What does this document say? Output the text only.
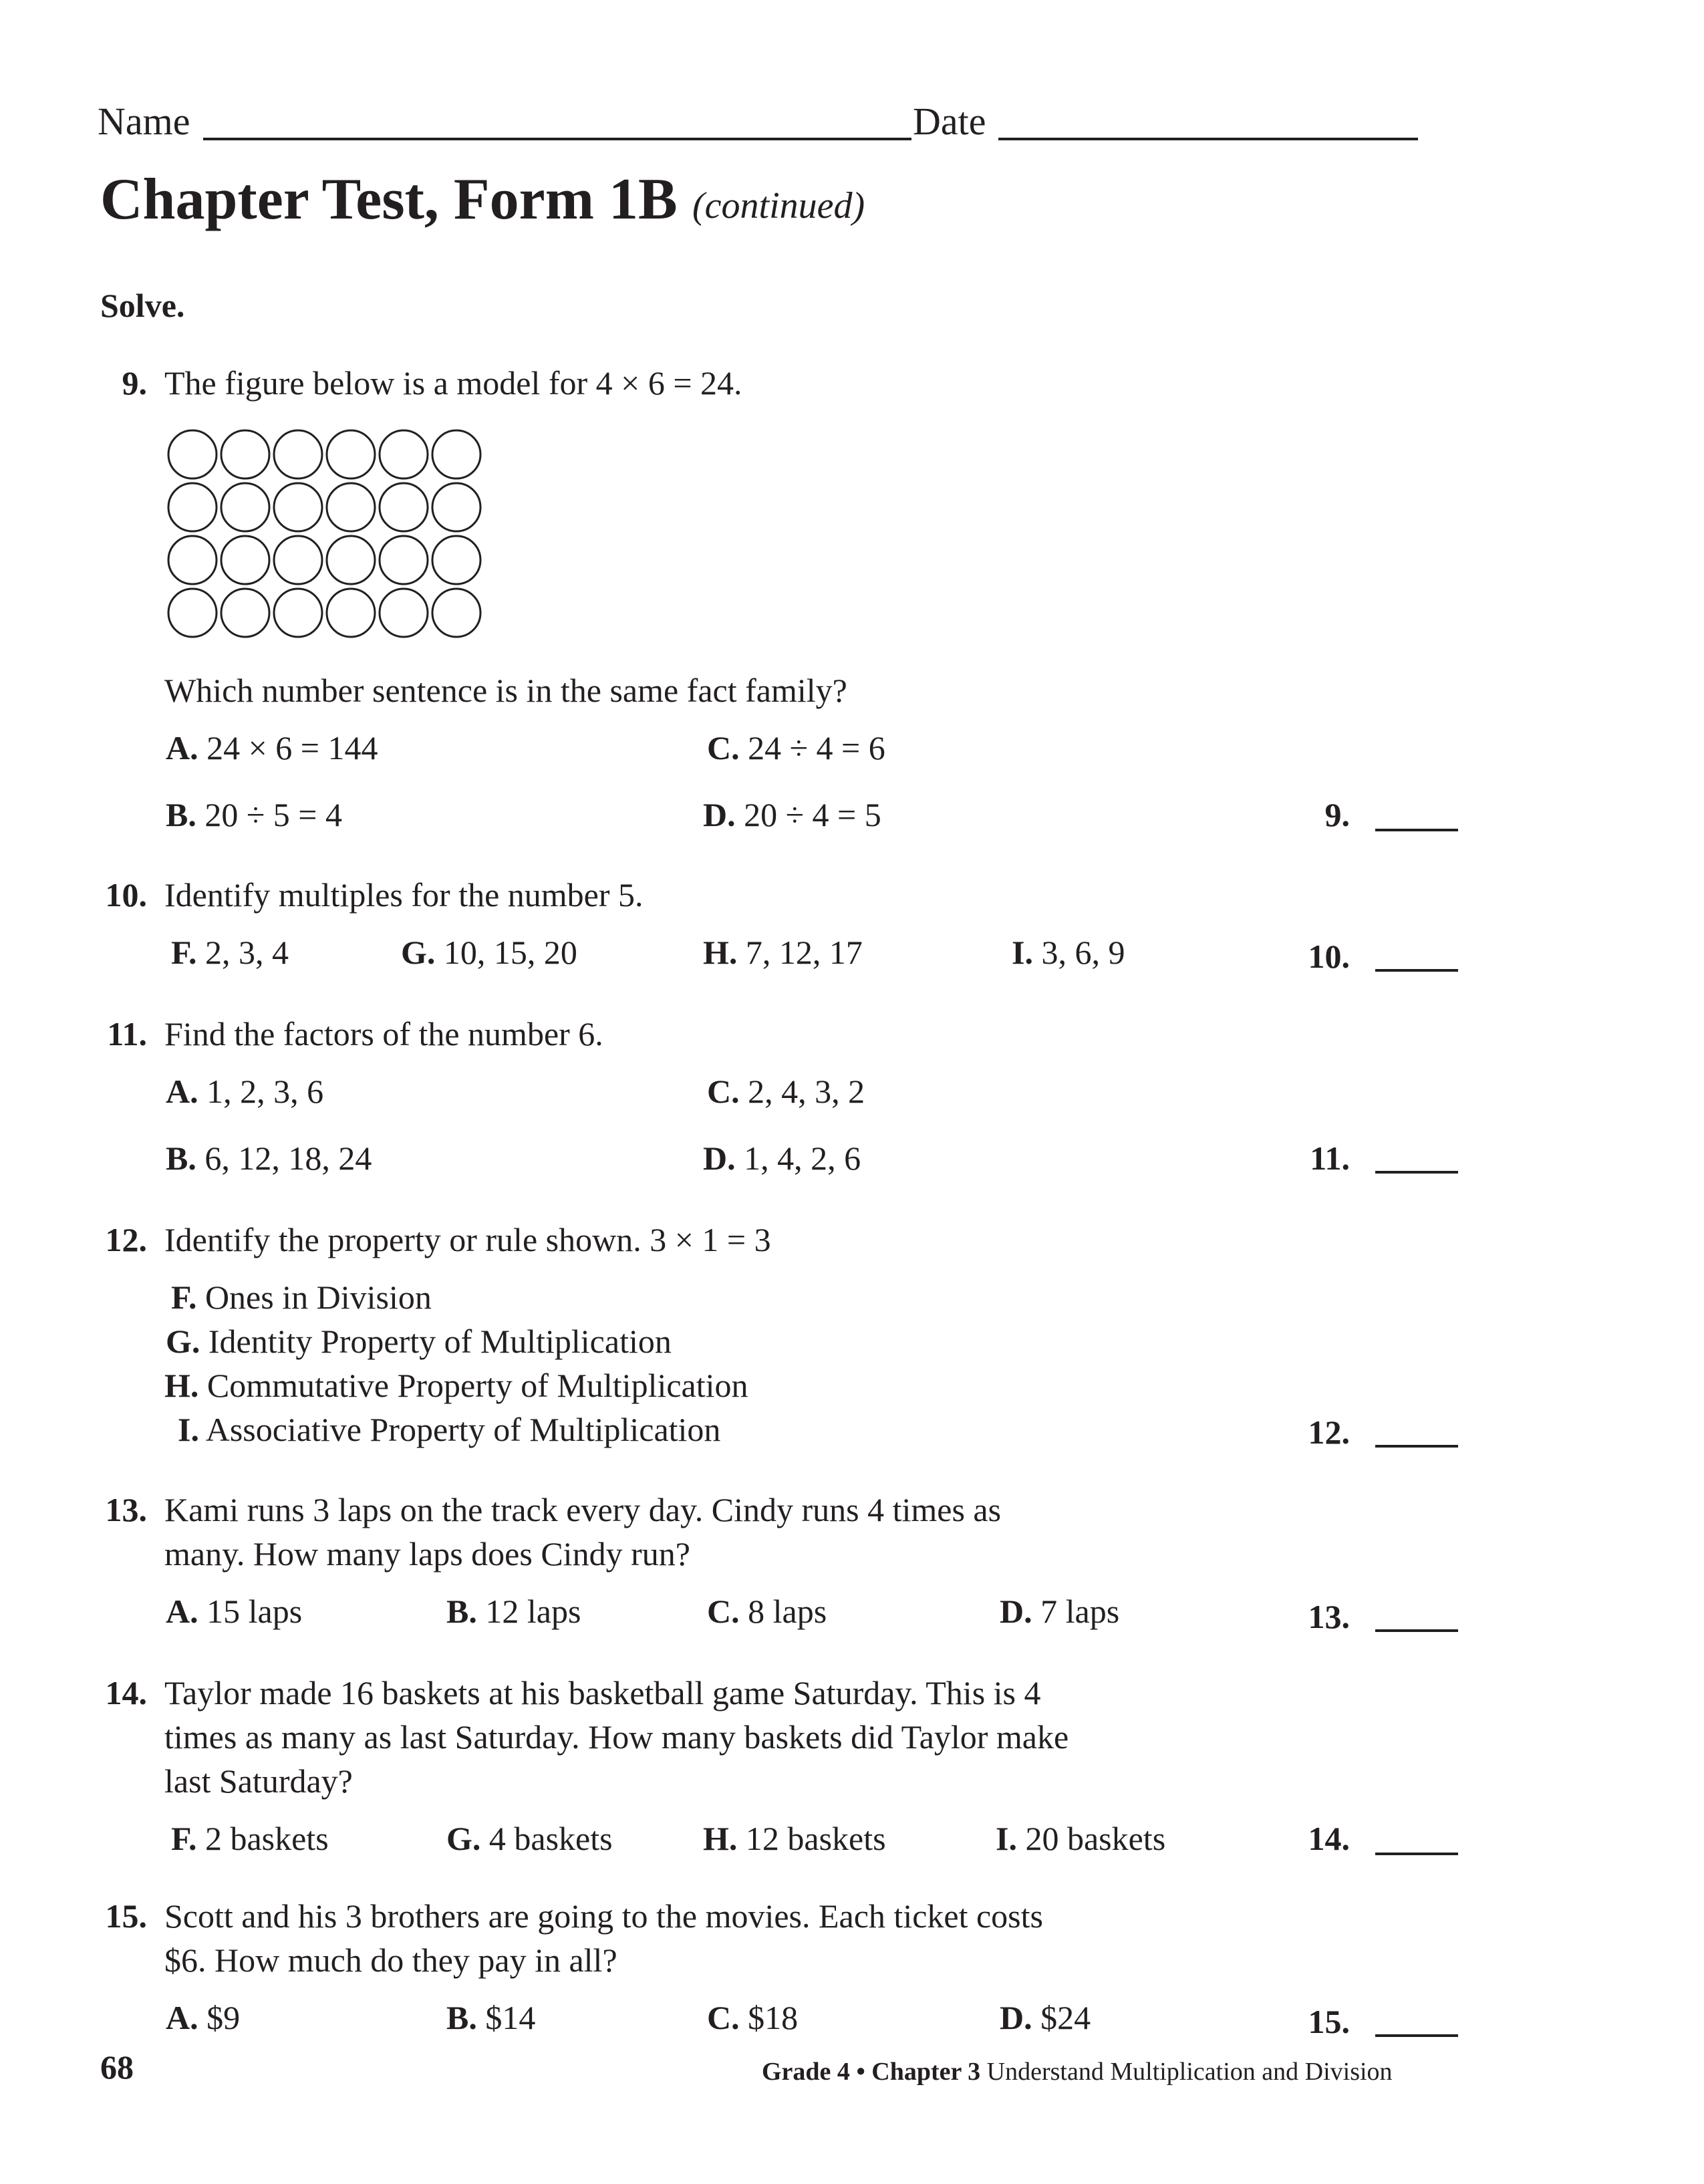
Name	Date
Chapter Test, Form 1B (continued)
Solve.
9. The figure below is a model for 4 × 6 = 24.
Which number sentence is in the same fact family?
A. 24 × 6 = 144	C. 24 ÷ 4 = 6
B. 20 ÷ 5 = 4	D. 20 ÷ 4 = 5	9.
10. Identify multiples for the number 5.
F. 2, 3, 4	G. 10, 15, 20	H. 7, 12, 17	I. 3, 6, 9	10.
11. Find the factors of the number 6.
A. 1, 2, 3, 6	C. 2, 4, 3, 2
B. 6, 12, 18, 24	D. 1, 4, 2, 6	11.
12. Identify the property or rule shown. 3 × 1 = 3
F. Ones in Division
G. Identity Property of Multiplication
H. Commutative Property of Multiplication
I. Associative Property of Multiplication	12.
13. Kami runs 3 laps on the track every day. Cindy runs 4 times as
many. How many laps does Cindy run?
A. 15 laps	B. 12 laps	C. 8 laps	D. 7 laps	13.
14. Taylor made 16 baskets at his basketball game Saturday. This is 4
times as many as last Saturday. How many baskets did Taylor make
last Saturday?
F. 2 baskets	G. 4 baskets	H. 12 baskets	I. 20 baskets	14.
15. Scott and his 3 brothers are going to the movies. Each ticket costs
$6. How much do they pay in all?
A. $9	B. $14	C. $18	D. $24	15.
68	Grade 4 • Chapter 3 Understand Multiplication and Division
